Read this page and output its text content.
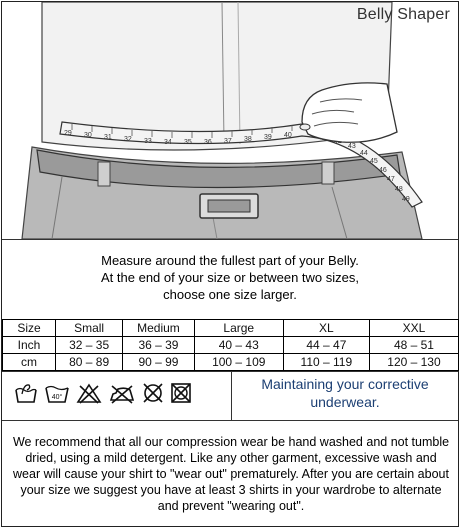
29 30 31 32 33 34 35 36 37 38 39 40
43
44
45
46
47
48
49
Belly Shaper
Measure around the fullest part of your Belly.
At the end of your size or between two sizes,
choose one size larger.
Size	Small	Medium	Large	XL	XXL
Inch	32 – 35	36 – 39	40 – 43	44 – 47	48 – 51
cm	80 – 89	90 – 99	100 – 109	110 – 119	120 – 130
40°
Maintaining your corrective underwear.
We recommend that all our compression wear be hand washed and not tumble dried, using a mild detergent. Like any other garment, excessive wash and wear will cause your shirt to "wear out" prematurely. After you are certain about your size we suggest you have at least 3 shirts in your wardrobe to alternate and prevent "wearing out".
